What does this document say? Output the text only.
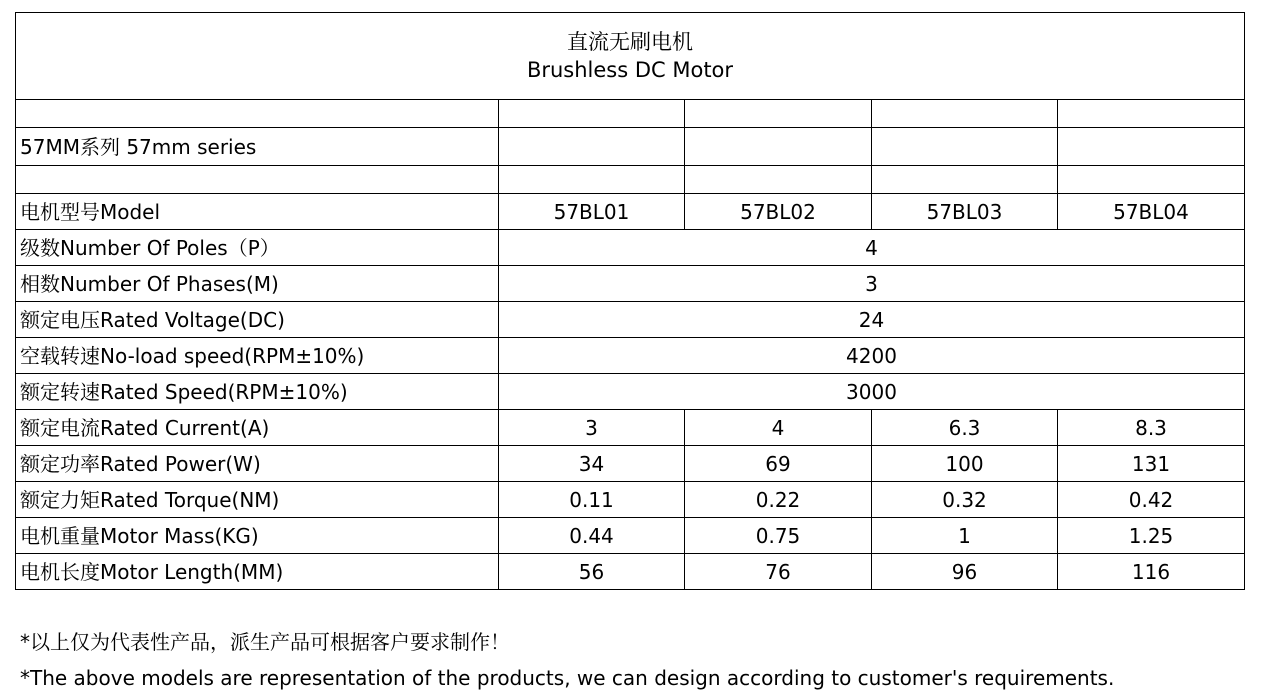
直流无刷电机
Brushless DC Motor				

57MM系列 57mm series				

电机型号Model	57BL01	57BL02	57BL03	57BL04
级数Number Of Poles（P）	4			
相数Number Of Phases(M)	3			
额定电压Rated Voltage(DC)	24			
空载转速No-load speed(RPM±10%)	4200			
额定转速Rated Speed(RPM±10%)	3000			
额定电流Rated Current(A)	3	4	6.3	8.3
额定功率Rated Power(W)	34	69	100	131
额定力矩Rated Torque(NM)	0.11	0.22	0.32	0.42
电机重量Motor Mass(KG)	0.44	0.75	1	1.25
电机长度Motor Length(MM)	56	76	96	116
*以上仅为代表性产品，派生产品可根据客户要求制作！
*The above models are representation of the products, we can design according to customer's requirements.
